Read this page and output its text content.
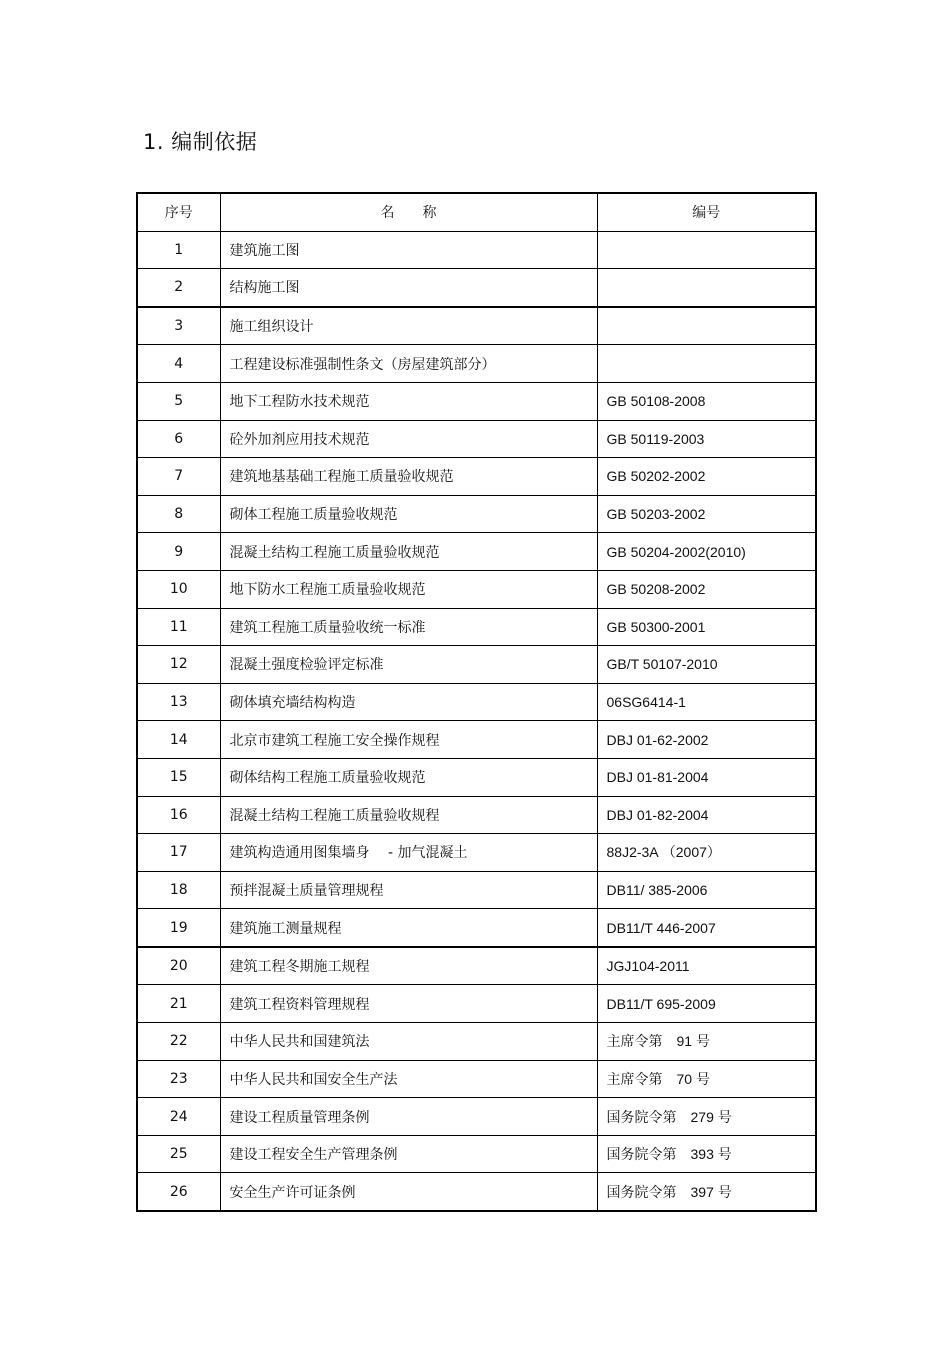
1. 编制依据
序号	名　　称	编号
1	建筑施工图	
2	结构施工图	
3	施工组织设计	
4	工程建设标准强制性条文（房屋建筑部分）	
5	地下工程防水技术规范	GB 50108-2008
6	砼外加剂应用技术规范	GB 50119-2003
7	建筑地基基础工程施工质量验收规范	GB 50202-2002
8	砌体工程施工质量验收规范	GB 50203-2002
9	混凝土结构工程施工质量验收规范	GB 50204-2002(2010)
10	地下防水工程施工质量验收规范	GB 50208-2002
11	建筑工程施工质量验收统一标准	GB 50300-2001
12	混凝土强度检验评定标准	GB/T 50107-2010
13	砌体填充墙结构构造	06SG6414-1
14	北京市建筑工程施工安全操作规程	DBJ 01-62-2002
15	砌体结构工程施工质量验收规范	DBJ 01-81-2004
16	混凝土结构工程施工质量验收规程	DBJ 01-82-2004
17	建筑构造通用图集墙身　 - 加气混凝土	88J2-3A （2007）
18	预拌混凝土质量管理规程	DB11/ 385-2006
19	建筑施工测量规程	DB11/T 446-2007
20	建筑工程冬期施工规程	JGJ104-2011
21	建筑工程资料管理规程	DB11/T 695-2009
22	中华人民共和国建筑法	主席令第　91 号
23	中华人民共和国安全生产法	主席令第　70 号
24	建设工程质量管理条例	国务院令第　279 号
25	建设工程安全生产管理条例	国务院令第　393 号
26	安全生产许可证条例	国务院令第　397 号
